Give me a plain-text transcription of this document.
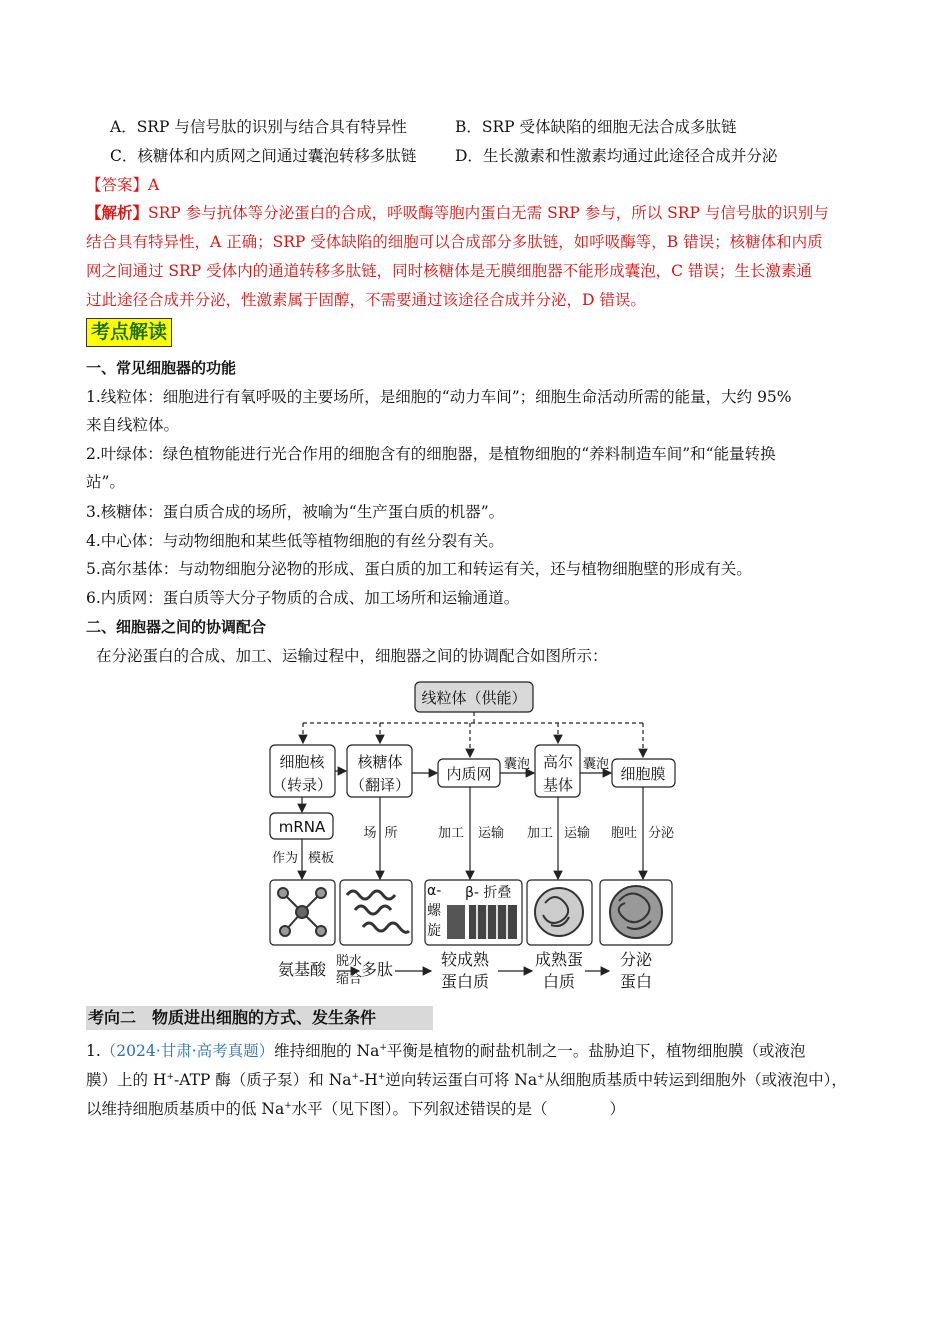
A．SRP 与信号肽的识别与结合具有特异性	B．SRP 受体缺陷的细胞无法合成多肽链
C．核糖体和内质网之间通过囊泡转移多肽链 D．生长激素和性激素均通过此途径合成并分泌
【答案】A
【解析】SRP 参与抗体等分泌蛋白的合成，呼吸酶等胞内蛋白无需 SRP 参与，所以 SRP 与信号肽的识别与
结合具有特异性，A 正确；SRP 受体缺陷的细胞可以合成部分多肽链，如呼吸酶等，B 错误；核糖体和内质
网之间通过 SRP 受体内的通道转移多肽链，同时核糖体是无膜细胞器不能形成囊泡，C 错误；生长激素通
过此途径合成并分泌，性激素属于固醇，不需要通过该途径合成并分泌，D 错误。
考点解读
一、常见细胞器的功能
1.线粒体：细胞进行有氧呼吸的主要场所，是细胞的“动力车间”；细胞生命活动所需的能量，大约 95%
来自线粒体。
2.叶绿体：绿色植物能进行光合作用的细胞含有的细胞器，是植物细胞的“养料制造车间”和“能量转换
站”。
3.核糖体：蛋白质合成的场所，被喻为“生产蛋白质的机器”。
4.中心体：与动物细胞和某些低等植物细胞的有丝分裂有关。
5.高尔基体：与动物细胞分泌物的形成、蛋白质的加工和转运有关，还与植物细胞壁的形成有关。
6.内质网：蛋白质等大分子物质的合成、加工场所和运输通道。
二、细胞器之间的协调配合
在分泌蛋白的合成、加工、运输过程中，细胞器之间的协调配合如图所示：
线粒体（供能）
细胞核
（转录）
核糖体
（翻译）
内质网
高尔
基体
细胞膜
mRNA
氨基酸 多肽
较成熟
蛋白质
成熟蛋
白质
分泌
蛋白
囊泡	囊泡
作为 模板
场 所	加工 运输 加工 运输 胞吐 分泌
脱水
缩合
α-
螺
旋
β- 折叠
考向二　物质进出细胞的方式、发生条件
1.（2024·甘肃·高考真题）维持细胞的 Na+平衡是植物的耐盐机制之一。盐胁迫下，植物细胞膜（或液泡
膜）上的 H+-ATP 酶（质子泵）和 Na+-H+逆向转运蛋白可将 Na+从细胞质基质中转运到细胞外（或液泡中），
以维持细胞质基质中的低 Na+水平（见下图）。下列叙述错误的是（　　　　）
